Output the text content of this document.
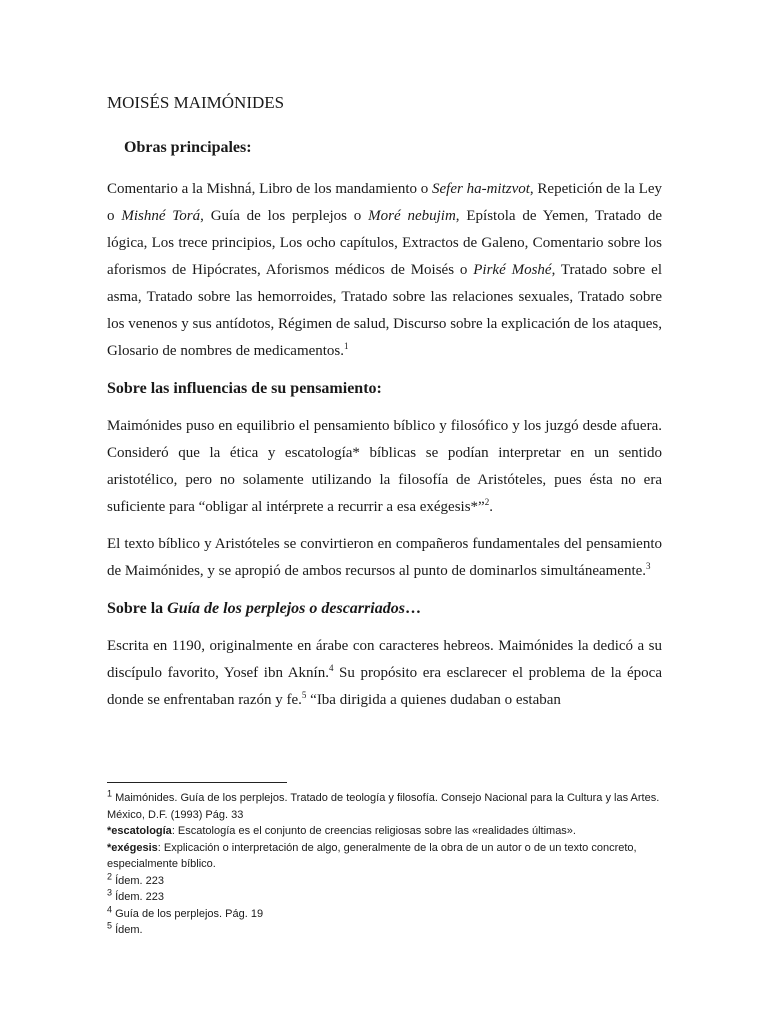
MOISÉS MAIMÓNIDES
Obras principales:

Comentario a la Mishná, Libro de los mandamiento o Sefer ha-mitzvot, Repetición de la Ley o Mishné Torá, Guía de los perplejos o Moré nebujim, Epístola de Yemen, Tratado de lógica, Los trece principios, Los ocho capítulos, Extractos de Galeno, Comentario sobre los aforismos de Hipócrates, Aforismos médicos de Moisés o Pirké Moshé, Tratado sobre el asma, Tratado sobre las hemorroides, Tratado sobre las relaciones sexuales, Tratado sobre los venenos y sus antídotos, Régimen de salud, Discurso sobre la explicación de los ataques, Glosario de nombres de medicamentos.$^1$

Sobre las influencias de su pensamiento:

Maimónides puso en equilibrio el pensamiento bíblico y filosófico y los juzgó desde afuera. Consideró que la ética y escatología* bíblicas se podían interpretar en un sentido aristotélico, pero no solamente utilizando la filosofía de Aristóteles, pues ésta no era suficiente para “obligar al intérprete a recurrir a esa exégesis*”$^2$.

El texto bíblico y Aristóteles se convirtieron en compañeros fundamentales del pensamiento de Maimónides, y se apropió de ambos recursos al punto de dominarlos simultáneamente.$^3$

Sobre la Guía de los perplejos o descarriados…

Escrita en 1190, originalmente en árabe con caracteres hebreos. Maimónides la dedicó a su discípulo favorito, Yosef ibn Aknín.$^4$ Su propósito era esclarecer el problema de la época donde se enfrentaban razón y fe.$^5$ “Iba dirigida a quienes dudaban o estaban

$^1$ Maimónides. Guía de los perplejos. Tratado de teología y filosofía. Consejo Nacional para la Cultura y las Artes. México, D.F. (1993) Pág. 33

*escatología: Escatología es el conjunto de creencias religiosas sobre las «realidades últimas».

*exégesis: Explicación o interpretación de algo, generalmente de la obra de un autor o de un texto concreto, especialmente bíblico.

$^2$ Ídem. 223

$^3$ Ídem. 223

$^4$ Guía de los perplejos. Pág. 19

$^5$ Ídem.
